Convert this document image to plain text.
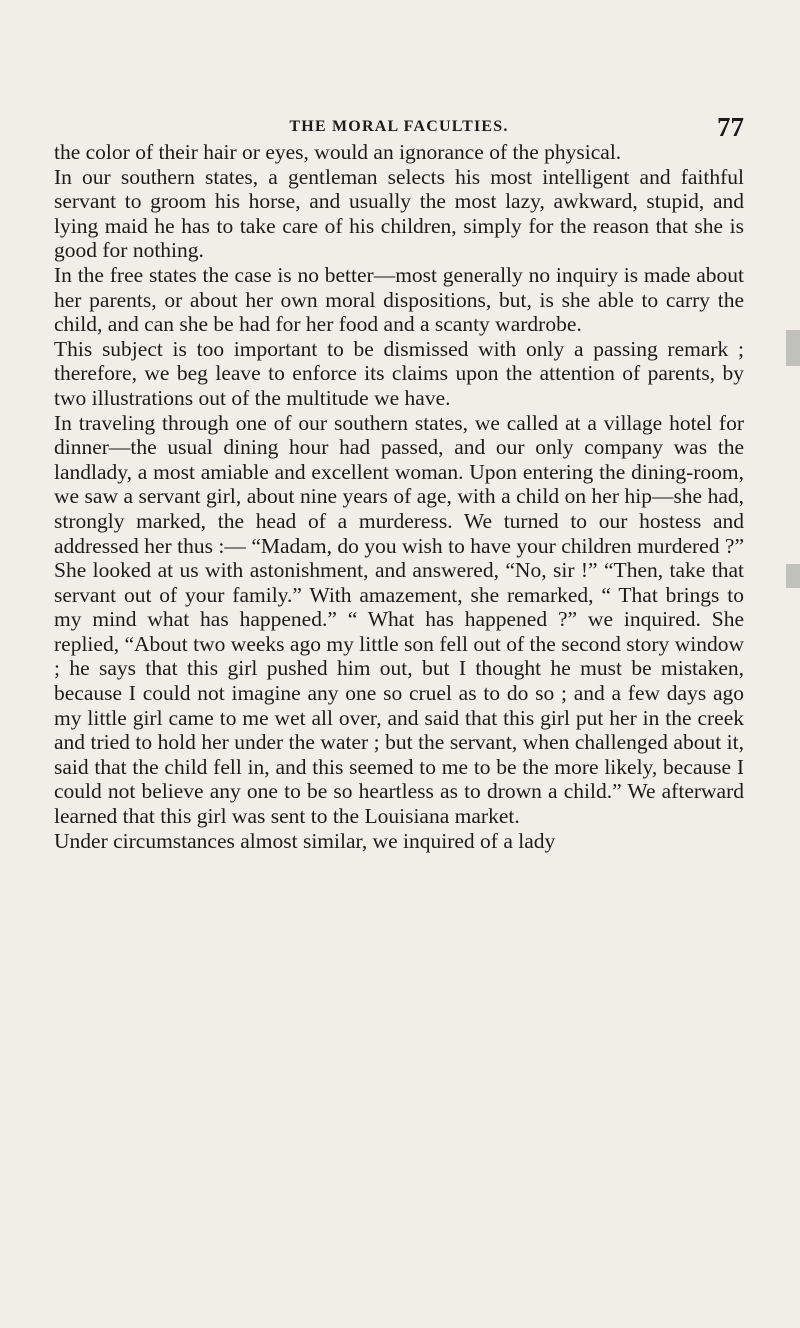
THE MORAL FACULTIES.	77

the color of their hair or eyes, would an ignorance of the physical.

In our southern states, a gentleman selects his most intelligent and faithful servant to groom his horse, and usually the most lazy, awkward, stupid, and lying maid he has to take care of his children, simply for the reason that she is good for nothing.

In the free states the case is no better—most generally no inquiry is made about her parents, or about her own moral dispositions, but, is she able to carry the child, and can she be had for her food and a scanty wardrobe.

This subject is too important to be dismissed with only a passing remark ; therefore, we beg leave to enforce its claims upon the attention of parents, by two illustrations out of the multitude we have.

In traveling through one of our southern states, we called at a village hotel for dinner—the usual dining hour had passed, and our only company was the landlady, a most amiable and excellent woman. Upon entering the dining-room, we saw a servant girl, about nine years of age, with a child on her hip—she had, strongly marked, the head of a murderess. We turned to our hostess and addressed her thus :— “Madam, do you wish to have your children murdered ?” She looked at us with astonishment, and answered, “No, sir !” “Then, take that servant out of your family.” With amazement, she remarked, “ That brings to my mind what has happened.” “ What has happened ?” we inquired. She replied, “About two weeks ago my little son fell out of the second story window ; he says that this girl pushed him out, but I thought he must be mistaken, because I could not imagine any one so cruel as to do so ; and a few days ago my little girl came to me wet all over, and said that this girl put her in the creek and tried to hold her under the water ; but the servant, when challenged about it, said that the child fell in, and this seemed to me to be the more likely, because I could not believe any one to be so heartless as to drown a child.” We afterward learned that this girl was sent to the Louisiana market.

Under circumstances almost similar, we inquired of a lady
